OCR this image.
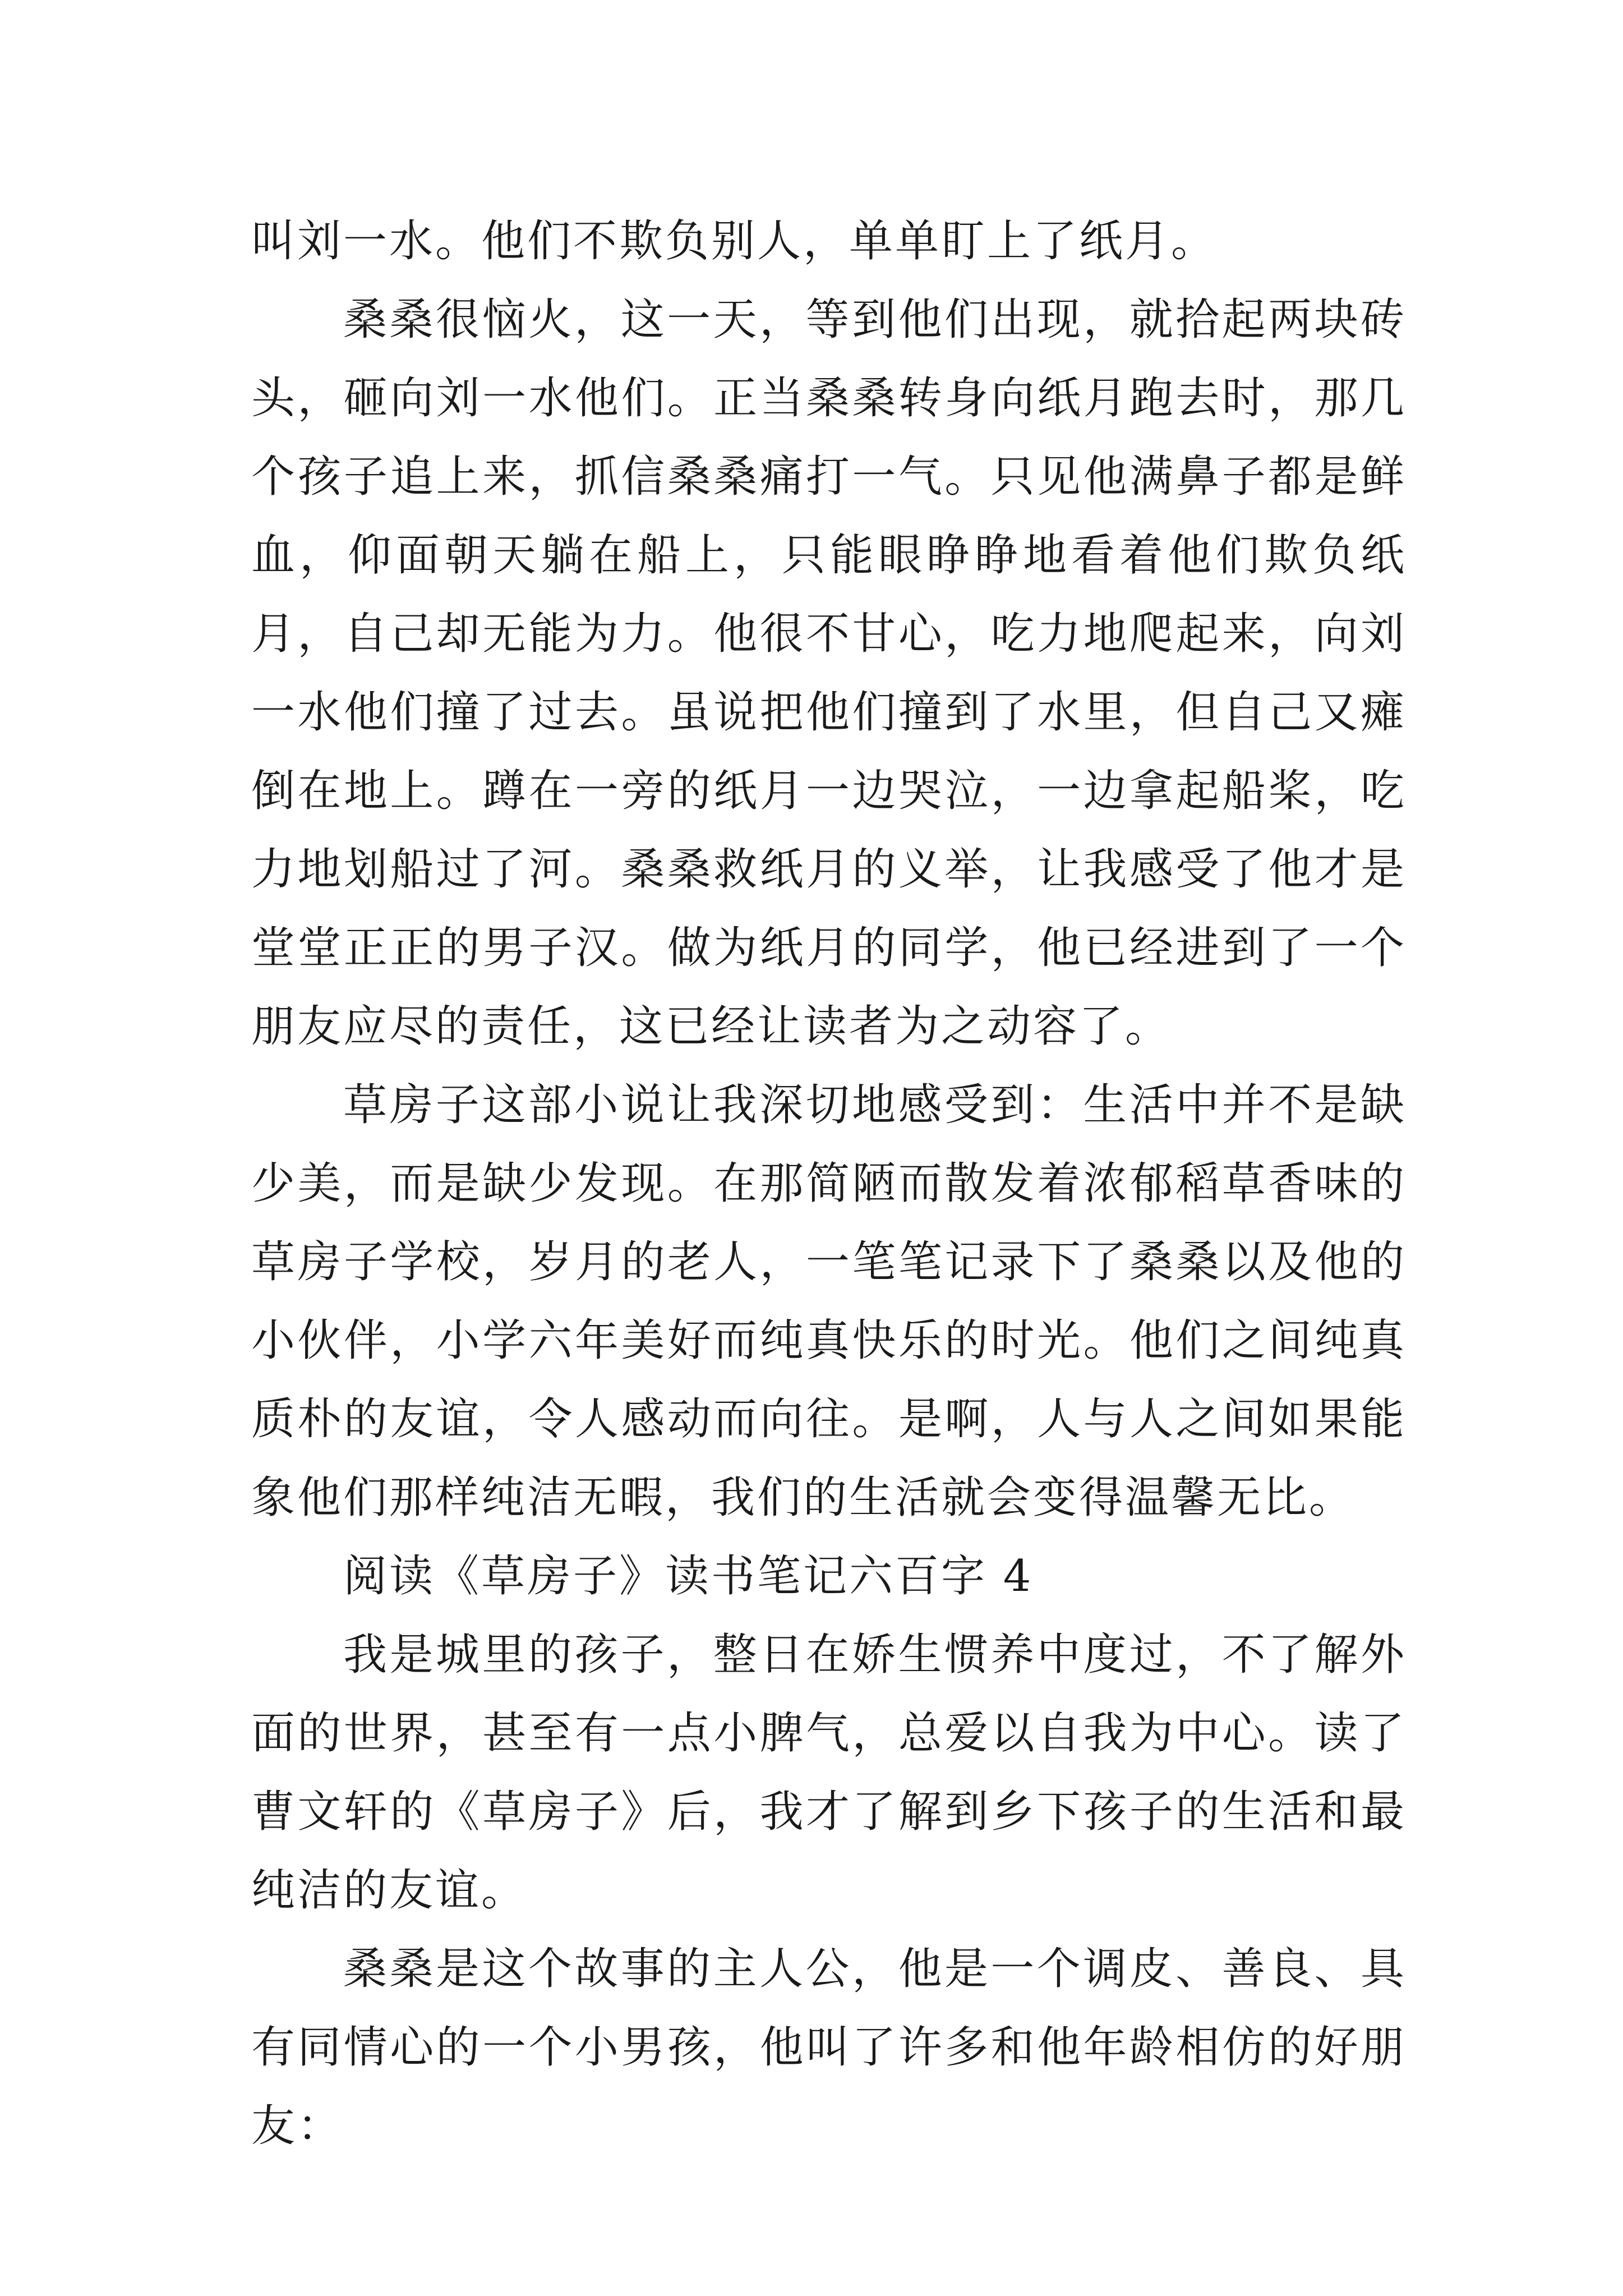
叫刘一水。他们不欺负别人，单单盯上了纸月。

桑桑很恼火，这一天，等到他们出现，就拾起两块砖头，砸向刘一水他们。正当桑桑转身向纸月跑去时，那几个孩子追上来，抓信桑桑痛打一气。只见他满鼻子都是鲜血，仰面朝天躺在船上，只能眼睁睁地看着他们欺负纸月，自己却无能为力。他很不甘心，吃力地爬起来，向刘一水他们撞了过去。虽说把他们撞到了水里，但自己又瘫倒在地上。蹲在一旁的纸月一边哭泣，一边拿起船桨，吃力地划船过了河。桑桑救纸月的义举，让我感受了他才是堂堂正正的男子汉。做为纸月的同学，他已经进到了一个朋友应尽的责任，这已经让读者为之动容了。

草房子这部小说让我深切地感受到：生活中并不是缺少美，而是缺少发现。在那简陋而散发着浓郁稻草香味的草房子学校，岁月的老人，一笔笔记录下了桑桑以及他的小伙伴，小学六年美好而纯真快乐的时光。他们之间纯真质朴的友谊，令人感动而向往。是啊，人与人之间如果能象他们那样纯洁无暇，我们的生活就会变得温馨无比。

阅读《草房子》读书笔记六百字 4

我是城里的孩子，整日在娇生惯养中度过，不了解外面的世界，甚至有一点小脾气，总爱以自我为中心。读了曹文轩的《草房子》后，我才了解到乡下孩子的生活和最纯洁的友谊。

桑桑是这个故事的主人公，他是一个调皮、善良、具有同情心的一个小男孩，他叫了许多和他年龄相仿的好朋友：
